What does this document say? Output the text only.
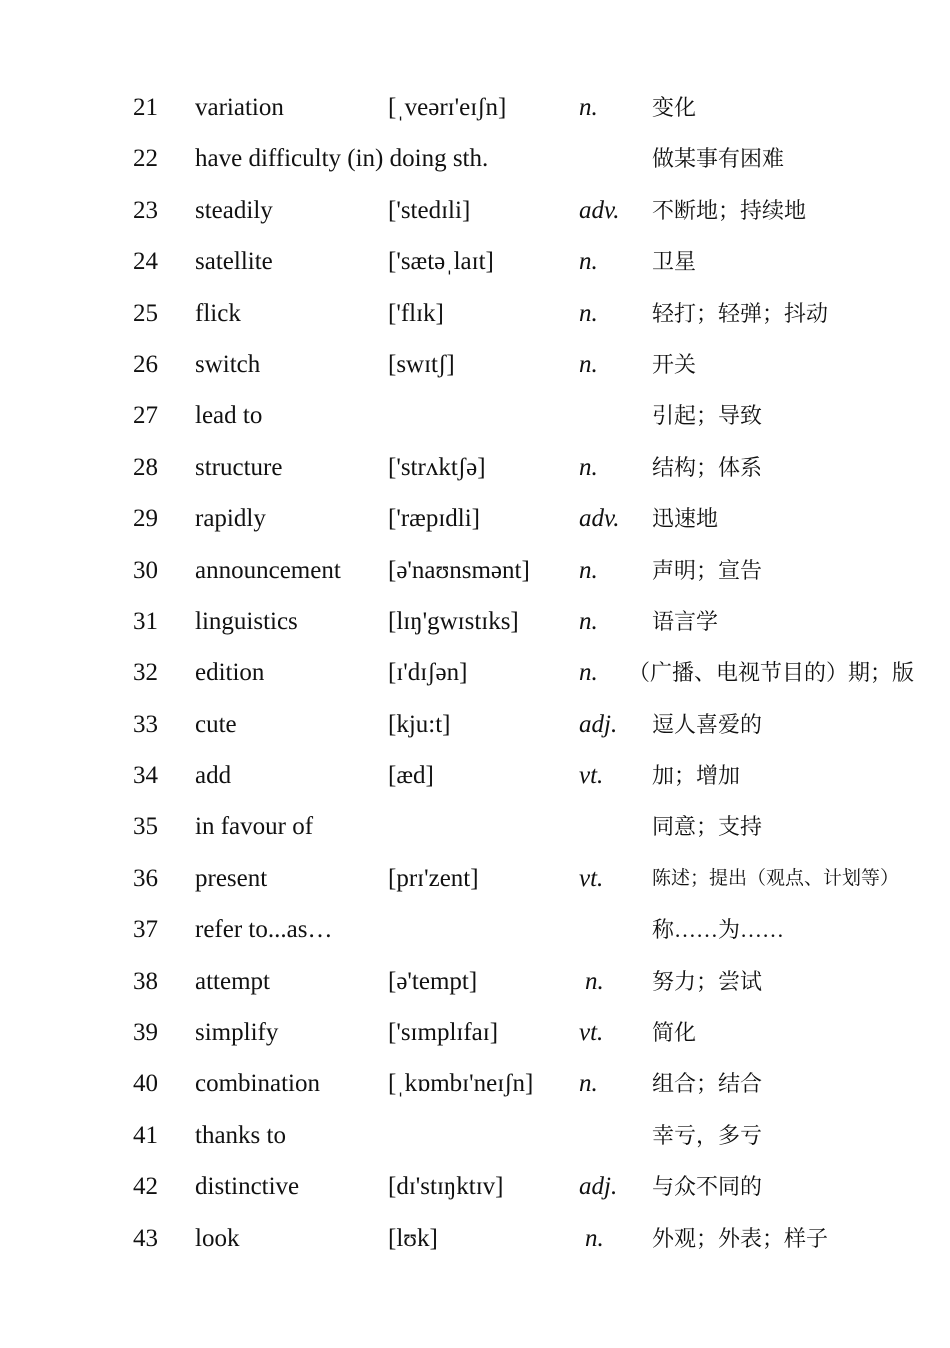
21 variation	[ˌveərɪ'eɪʃn]	n. 变化
22 have difficulty (in) doing sth.	做某事有困难
23 steadily	['stedɪli]	adv. 不断地；持续地
24 satellite	['sætəˌlaɪt]	n. 卫星
25 flick	['flɪk]	n. 轻打；轻弹；抖动
26 switch	[swɪtʃ]	n. 开关
27 lead to	引起；导致
28 structure	['strʌktʃə]	n. 结构；体系
29 rapidly	['ræpɪdli]	adv. 迅速地
30 announcement [ə'naʊnsmənt] n. 声明；宣告
31 linguistics	[lɪŋ'gwɪstɪks] n. 语言学
32 edition	[ɪ'dɪʃən]	n. （广播、电视节目的）期；版
33 cute	[kju:t]	adj. 逗人喜爱的
34 add	[æd]	vt. 加；增加
35 in favour of	同意；支持
36 present	[prɪ'zent]	vt.	陈述；提出（观点、计划等）
37 refer to...as…	称……为……
38 attempt	[ə'tempt]	n. 努力；尝试
39 simplify	['sɪmplɪfaɪ]	vt. 简化
40 combination	[ˌkɒmbɪ'neɪʃn] n. 组合；结合
41 thanks to	幸亏，多亏
42 distinctive	[dɪ'stɪŋktɪv]	adj. 与众不同的
43 look	[lʊk]	n. 外观；外表；样子
